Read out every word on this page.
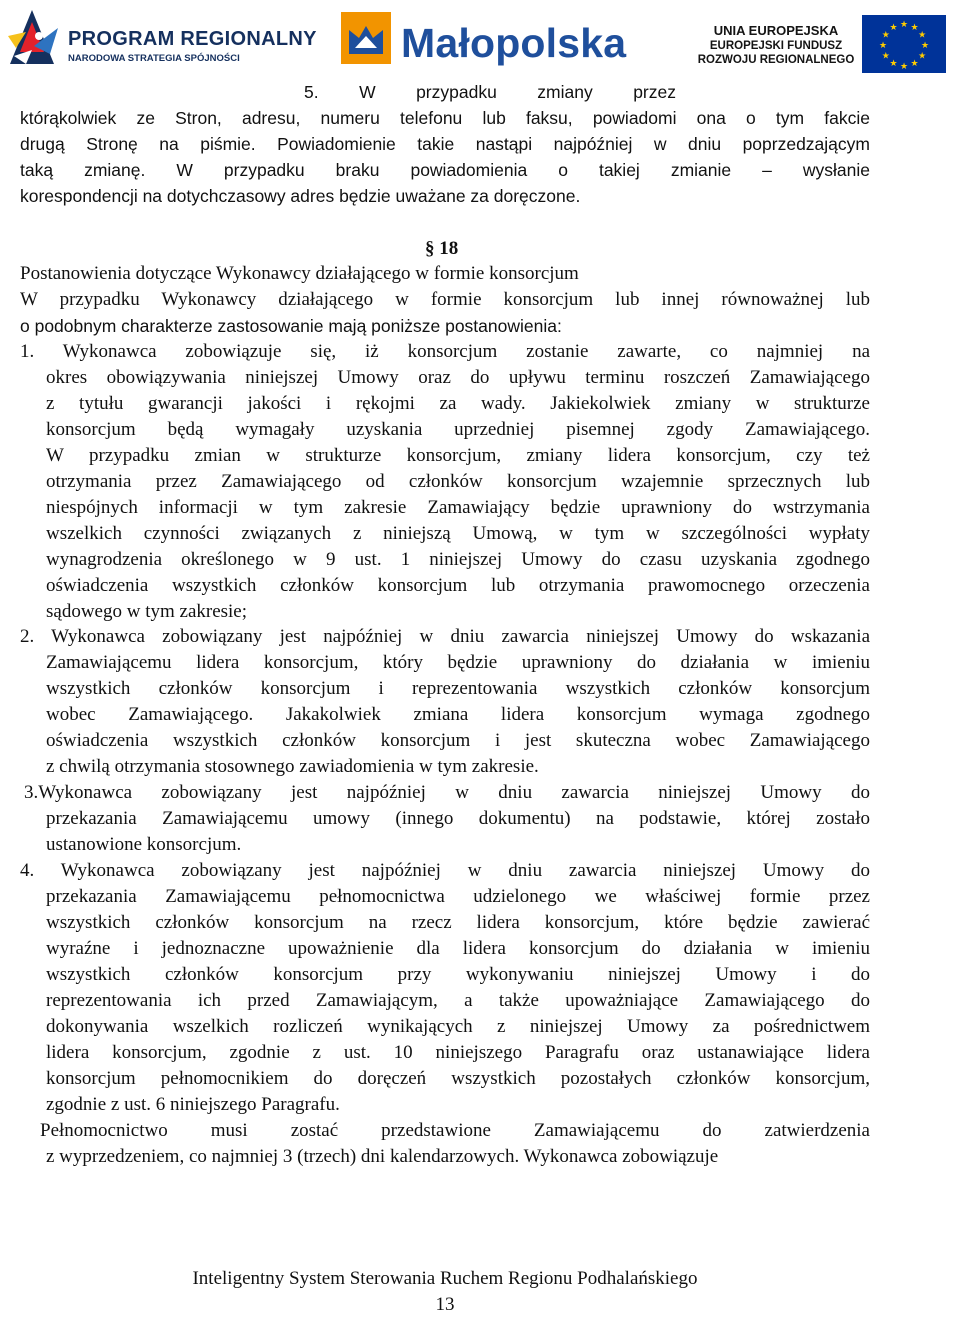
PROGRAM REGIONALNY
NARODOWA STRATEGIA SPÓJNOŚCI	Małopolska	UNIA EUROPEJSKA
EUROPEJSKI FUNDUSZ
ROZWOJU REGIONALNEGO
★ ★
★
★
★
★
★
★
★
★
★
★
5. W przypadku zmiany przez
którąkolwiek ze Stron, adresu, numeru telefonu lub faksu, powiadomi ona o tym fakcie
drugą Stronę na piśmie. Powiadomienie takie nastąpi najpóźniej w dniu poprzedzającym
taką zmianę. W przypadku braku powiadomienia o takiej zmianie – wysłanie
korespondencji na dotychczasowy adres będzie uważane za doręczone.
§ 18
Postanowienia dotyczące Wykonawcy działającego w formie konsorcjum
W przypadku Wykonawcy działającego w formie konsorcjum lub innej równoważnej lub
o podobnym charakterze zastosowanie mają poniższe postanowienia:
1. Wykonawca zobowiązuje się, iż konsorcjum zostanie zawarte, co najmniej na
okres obowiązywania niniejszej Umowy oraz do upływu terminu roszczeń Zamawiającego
z tytułu gwarancji jakości i rękojmi za wady. Jakiekolwiek zmiany w strukturze
konsorcjum będą wymagały uzyskania uprzedniej pisemnej zgody Zamawiającego.
W przypadku zmian w strukturze konsorcjum, zmiany lidera konsorcjum, czy też
otrzymania przez Zamawiającego od członków konsorcjum wzajemnie sprzecznych lub
niespójnych informacji w tym zakresie Zamawiający będzie uprawniony do wstrzymania
wszelkich czynności związanych z niniejszą Umową, w tym w szczególności wypłaty
wynagrodzenia określonego w 9 ust. 1 niniejszej Umowy do czasu uzyskania zgodnego
oświadczenia wszystkich członków konsorcjum lub otrzymania prawomocnego orzeczenia
sądowego w tym zakresie;
2. Wykonawca zobowiązany jest najpóźniej w dniu zawarcia niniejszej Umowy do wskazania
Zamawiającemu lidera konsorcjum, który będzie uprawniony do działania w imieniu
wszystkich członków konsorcjum i reprezentowania wszystkich członków konsorcjum
wobec Zamawiającego. Jakakolwiek zmiana lidera konsorcjum wymaga zgodnego
oświadczenia wszystkich członków konsorcjum i jest skuteczna wobec Zamawiającego
z chwilą otrzymania stosownego zawiadomienia w tym zakresie.
3.Wykonawca zobowiązany jest najpóźniej w dniu zawarcia niniejszej Umowy do
przekazania Zamawiającemu umowy (innego dokumentu) na podstawie, której zostało
ustanowione konsorcjum.
4. Wykonawca zobowiązany jest najpóźniej w dniu zawarcia niniejszej Umowy do
przekazania Zamawiającemu pełnomocnictwa udzielonego we właściwej formie przez
wszystkich członków konsorcjum na rzecz lidera konsorcjum, które będzie zawierać
wyraźne i jednoznaczne upoważnienie dla lidera konsorcjum do działania w imieniu
wszystkich członków konsorcjum przy wykonywaniu niniejszej Umowy i do
reprezentowania ich przed Zamawiającym, a także upoważniające Zamawiającego do
dokonywania wszelkich rozliczeń wynikających z niniejszej Umowy za pośrednictwem
lidera konsorcjum, zgodnie z ust. 10 niniejszego Paragrafu oraz ustanawiające lidera
konsorcjum pełnomocnikiem do doręczeń wszystkich pozostałych członków konsorcjum,
zgodnie z ust. 6 niniejszego Paragrafu.
Pełnomocnictwo musi zostać przedstawione Zamawiającemu do zatwierdzenia
z wyprzedzeniem, co najmniej 3 (trzech) dni kalendarzowych. Wykonawca zobowiązuje
Inteligentny System Sterowania Ruchem Regionu Podhalańskiego
13
